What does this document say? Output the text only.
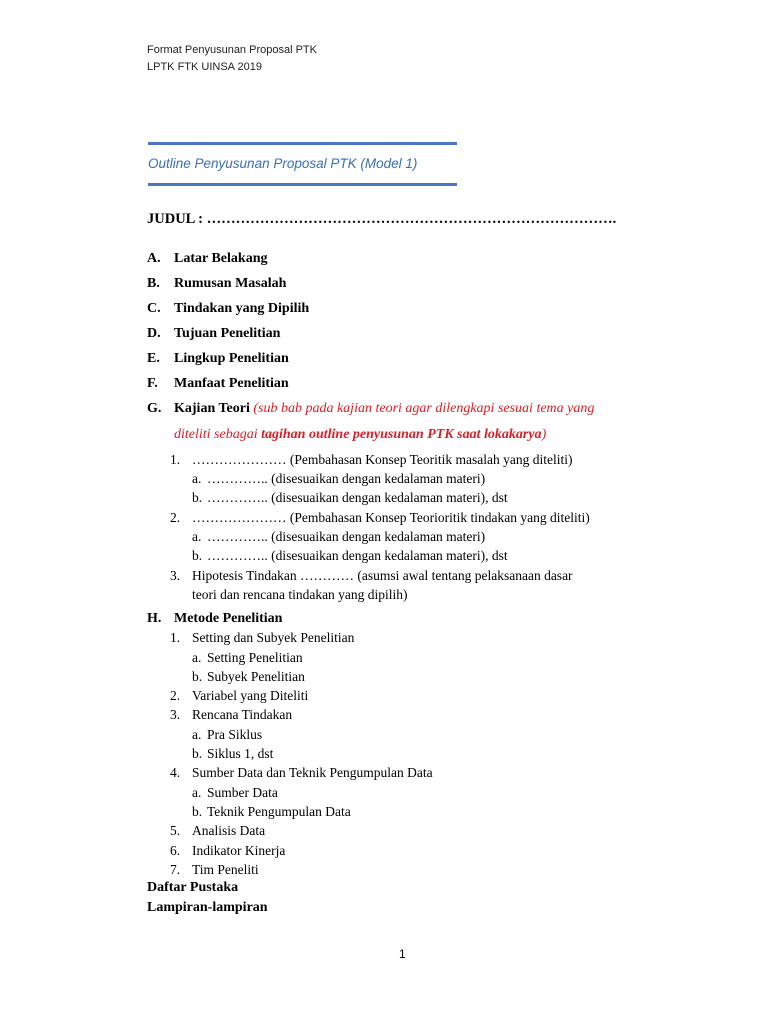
Format Penyusunan Proposal PTK
LPTK FTK UINSA 2019
Outline Penyusunan Proposal PTK (Model 1)
JUDUL : ………………………………………………………………………….
A. Latar Belakang
B. Rumusan Masalah
C. Tindakan yang Dipilih
D. Tujuan Penelitian
E. Lingkup Penelitian
F. Manfaat Penelitian
G. Kajian Teori (sub bab pada kajian teori agar dilengkapi sesuai tema yang
diteliti sebagai tagihan outline penyusunan PTK saat lokakarya)
1. ………………… (Pembahasan Konsep Teoritik masalah yang diteliti)
a. ………….. (disesuaikan dengan kedalaman materi)
b. ………….. (disesuaikan dengan kedalaman materi), dst
2. ………………… (Pembahasan Konsep Teorioritik tindakan yang diteliti)
a. ………….. (disesuaikan dengan kedalaman materi)
b. ………….. (disesuaikan dengan kedalaman materi), dst
3. Hipotesis Tindakan ………… (asumsi awal tentang pelaksanaan dasar
teori dan rencana tindakan yang dipilih)
H. Metode Penelitian
1. Setting dan Subyek Penelitian
a. Setting Penelitian
b. Subyek Penelitian
2. Variabel yang Diteliti
3. Rencana Tindakan
a. Pra Siklus
b. Siklus 1, dst
4. Sumber Data dan Teknik Pengumpulan Data
a. Sumber Data
b. Teknik Pengumpulan Data
5. Analisis Data
6. Indikator Kinerja
7. Tim Peneliti
Daftar Pustaka
Lampiran-lampiran
1
